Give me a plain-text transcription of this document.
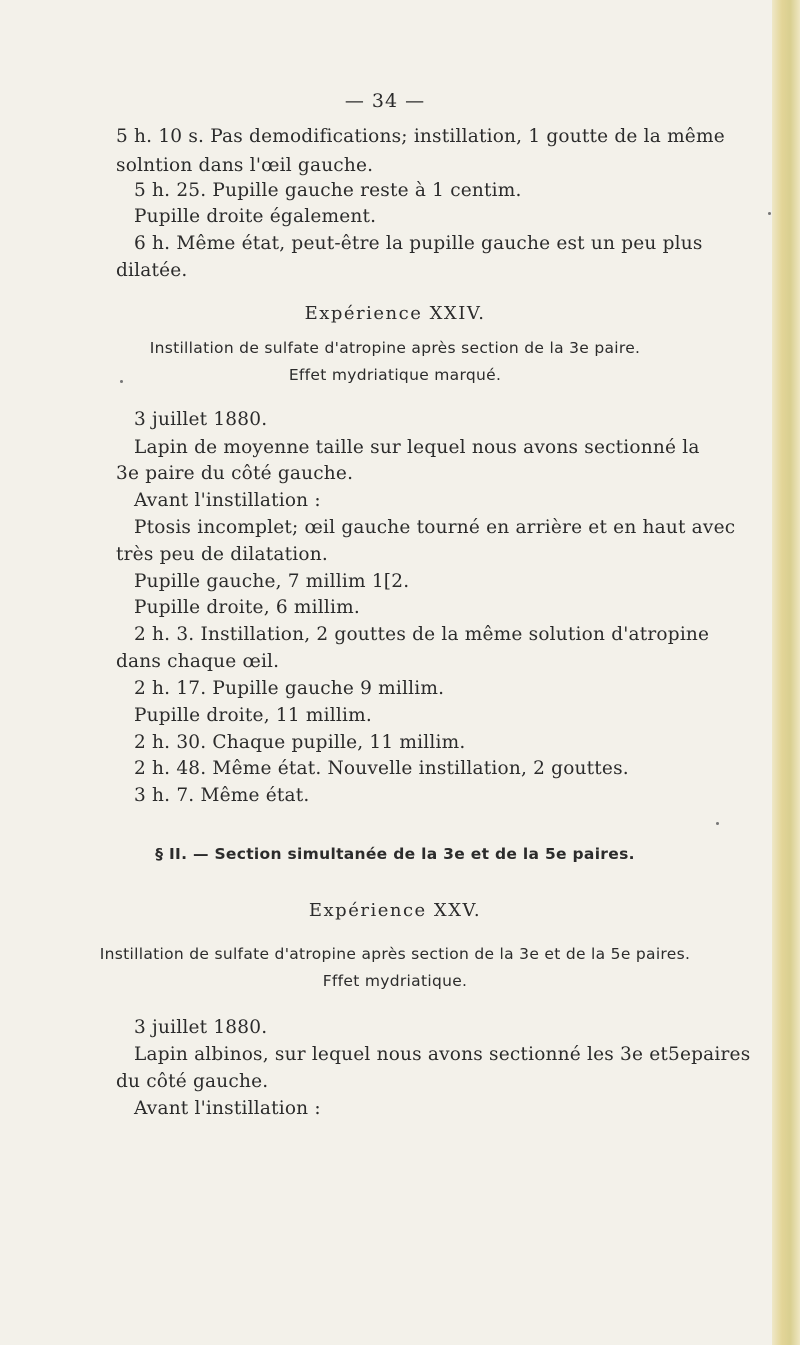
— 34 —
5 h. 10 s. Pas demodifications; instillation, 1 goutte de la même
solntion dans l'œil gauche.
5 h. 25. Pupille gauche reste à 1 centim.
Pupille droite également.
6 h. Même état, peut-être la pupille gauche est un peu plus
dilatée.
Expérience XXIV.
Instillation de sulfate d'atropine après section de la 3e paire.
Effet mydriatique marqué.
3 juillet 1880.
Lapin de moyenne taille sur lequel nous avons sectionné la
3e paire du côté gauche.
Avant l'instillation :
Ptosis incomplet; œil gauche tourné en arrière et en haut avec
très peu de dilatation.
Pupille gauche, 7 millim 1[2.
Pupille droite, 6 millim.
2 h. 3. Instillation, 2 gouttes de la même solution d'atropine
dans chaque œil.
2 h. 17. Pupille gauche 9 millim.
Pupille droite, 11 millim.
2 h. 30. Chaque pupille, 11 millim.
2 h. 48. Même état. Nouvelle instillation, 2 gouttes.
3 h. 7. Même état.
§ II. — Section simultanée de la 3e et de la 5e paires.
Expérience XXV.
Instillation de sulfate d'atropine après section de la 3e et de la 5e paires.
Fffet mydriatique.
3 juillet 1880.
Lapin albinos, sur lequel nous avons sectionné les 3e et5epaires
du côté gauche.
Avant l'instillation :
